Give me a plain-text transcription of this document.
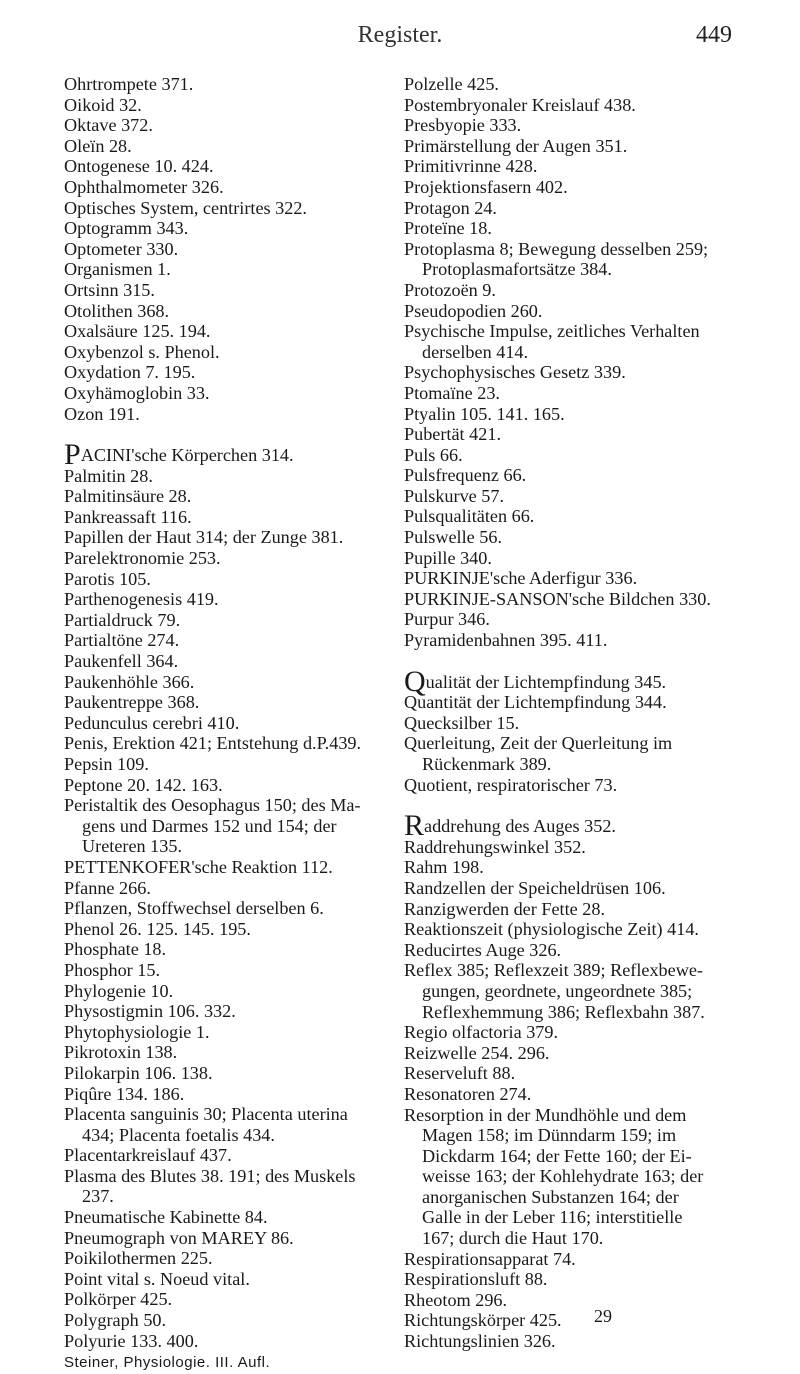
Register.	449

Ohrtrompete 371.

Oikoid 32.

Oktave 372.

Oleïn 28.

Ontogenese 10. 424.

Ophthalmometer 326.

Optisches System, centrirtes 322.

Optogramm 343.

Optometer 330.

Organismen 1.

Ortsinn 315.

Otolithen 368.

Oxalsäure 125. 194.

Oxybenzol s. Phenol.

Oxydation 7. 195.

Oxyhämoglobin 33.

Ozon 191.

PACINI'sche Körperchen 314.

Palmitin 28.

Palmitinsäure 28.

Pankreassaft 116.

Papillen der Haut 314; der Zunge 381.

Parelektronomie 253.

Parotis 105.

Parthenogenesis 419.

Partialdruck 79.

Partialtöne 274.

Paukenfell 364.

Paukenhöhle 366.

Paukentreppe 368.

Pedunculus cerebri 410.

Penis, Erektion 421; Entstehung d.P.439.

Pepsin 109.

Peptone 20. 142. 163.

Peristaltik des Oesophagus 150; des Ma-

gens und Darmes 152 und 154; der

Ureteren 135.

PETTENKOFER'sche Reaktion 112.

Pfanne 266.

Pflanzen, Stoffwechsel derselben 6.

Phenol 26. 125. 145. 195.

Phosphate 18.

Phosphor 15.

Phylogenie 10.

Physostigmin 106. 332.

Phytophysiologie 1.

Pikrotoxin 138.

Pilokarpin 106. 138.

Piqûre 134. 186.

Placenta sanguinis 30; Placenta uterina

434; Placenta foetalis 434.

Placentarkreislauf 437.

Plasma des Blutes 38. 191; des Muskels

237.

Pneumatische Kabinette 84.

Pneumograph von MAREY 86.

Poikilothermen 225.

Point vital s. Noeud vital.

Polkörper 425.

Polygraph 50.

Polyurie 133. 400.

Steiner, Physiologie. III. Aufl.

Polzelle 425.

Postembryonaler Kreislauf 438.

Presbyopie 333.

Primärstellung der Augen 351.

Primitivrinne 428.

Projektionsfasern 402.

Protagon 24.

Proteïne 18.

Protoplasma 8; Bewegung desselben 259;

Protoplasmafortsätze 384.

Protozoën 9.

Pseudopodien 260.

Psychische Impulse, zeitliches Verhalten

derselben 414.

Psychophysisches Gesetz 339.

Ptomaïne 23.

Ptyalin 105. 141. 165.

Pubertät 421.

Puls 66.

Pulsfrequenz 66.

Pulskurve 57.

Pulsqualitäten 66.

Pulswelle 56.

Pupille 340.

PURKINJE'sche Aderfigur 336.

PURKINJE-SANSON'sche Bildchen 330.

Purpur 346.

Pyramidenbahnen 395. 411.

Qualität der Lichtempfindung 345.

Quantität der Lichtempfindung 344.

Quecksilber 15.

Querleitung, Zeit der Querleitung im

Rückenmark 389.

Quotient, respiratorischer 73.

Raddrehung des Auges 352.

Raddrehungswinkel 352.

Rahm 198.

Randzellen der Speicheldrüsen 106.

Ranzigwerden der Fette 28.

Reaktionszeit (physiologische Zeit) 414.

Reducirtes Auge 326.

Reflex 385; Reflexzeit 389; Reflexbewe-

gungen, geordnete, ungeordnete 385;

Reflexhemmung 386; Reflexbahn 387.

Regio olfactoria 379.

Reizwelle 254. 296.

Reserveluft 88.

Resonatoren 274.

Resorption in der Mundhöhle und dem

Magen 158; im Dünndarm 159; im

Dickdarm 164; der Fette 160; der Ei-

weisse 163; der Kohlehydrate 163; der

anorganischen Substanzen 164; der

Galle in der Leber 116; interstitielle

167; durch die Haut 170.

Respirationsapparat 74.

Respirationsluft 88.

Rheotom 296.

Richtungskörper 425.

Richtungslinien 326.

29
